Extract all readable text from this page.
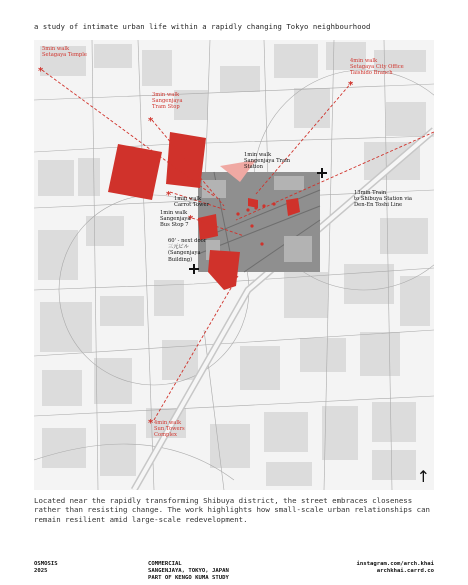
a study of intimate urban life within a rapidly changing Tokyo neighbourhood
*
*
*
*
*
*
5min walk
Setagaya Temple
3min walk
Sangenjaya Tram Stop
4min walk
Setagaya City Office Taishido Branch
1min walk
Sangenjaya Train Station
1min walk
Carrot Tower
1min walk
Sangenjaya Bus Stop 7
13min Train
to Shibuya Station via Den-En Toshi Line
60' - next door
三元ビル
(Sangenjaya
Building)
4min walk
Sun Towers Complex
↑
Located near the rapidly transforming Shibuya district, the street embraces closeness rather than resisting change. The work highlights how small-scale urban relationships can remain resilient amid large-scale redevelopment.
OSMOSIS
2025
COMMERCIAL
SANGENJAYA, TOKYO, JAPAN
PART OF KENGO KUMA STUDY
instagram.com/arch.khai
archkhai.carrd.co
